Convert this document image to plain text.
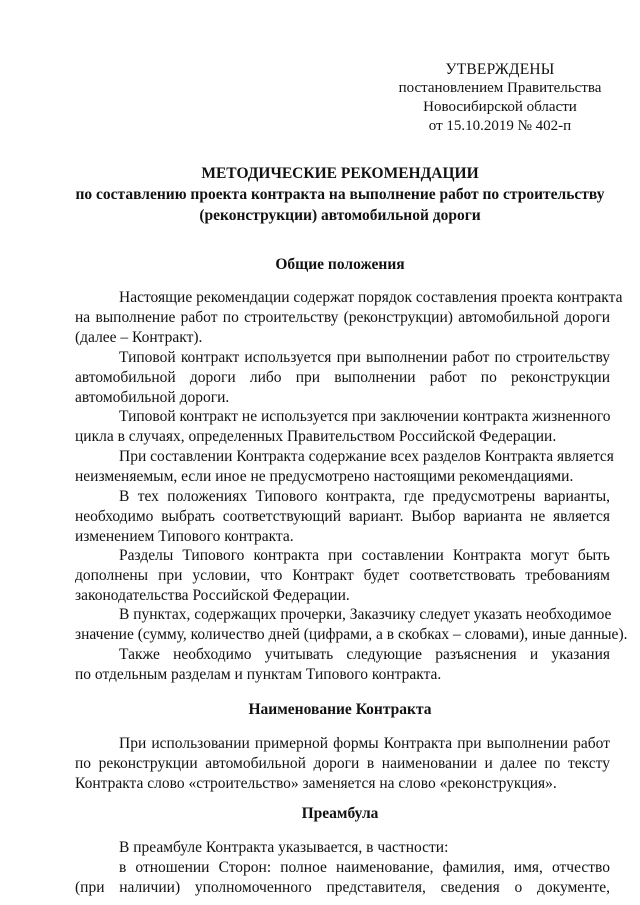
УТВЕРЖДЕНЫ
постановлением Правительства
Новосибирской области
от 15.10.2019 № 402-п
МЕТОДИЧЕСКИЕ РЕКОМЕНДАЦИИ
по составлению проекта контракта на выполнение работ по строительству
(реконструкции) автомобильной дороги
Общие положения
Настоящие рекомендации содержат порядок составления проекта контракта
на выполнение работ по строительству (реконструкции) автомобильной дороги
(далее – Контракт).
Типовой контракт используется при выполнении работ по строительству
автомобильной дороги либо при выполнении работ по реконструкции
автомобильной дороги.
Типовой контракт не используется при заключении контракта жизненного
цикла в случаях, определенных Правительством Российской Федерации.
При составлении Контракта содержание всех разделов Контракта является
неизменяемым, если иное не предусмотрено настоящими рекомендациями.
В тех положениях Типового контракта, где предусмотрены варианты,
необходимо выбрать соответствующий вариант. Выбор варианта не является
изменением Типового контракта.
Разделы Типового контракта при составлении Контракта могут быть
дополнены при условии, что Контракт будет соответствовать требованиям
законодательства Российской Федерации.
В пунктах, содержащих прочерки, Заказчику следует указать необходимое
значение (сумму, количество дней (цифрами, а в скобках – словами), иные данные).
Также необходимо учитывать следующие разъяснения и указания
по отдельным разделам и пунктам Типового контракта.
Наименование Контракта
При использовании примерной формы Контракта при выполнении работ
по реконструкции автомобильной дороги в наименовании и далее по тексту
Контракта слово «строительство» заменяется на слово «реконструкция».
Преамбула
В преамбуле Контракта указывается, в частности:
в отношении Сторон: полное наименование, фамилия, имя, отчество
(при наличии) уполномоченного представителя, сведения о документе,
